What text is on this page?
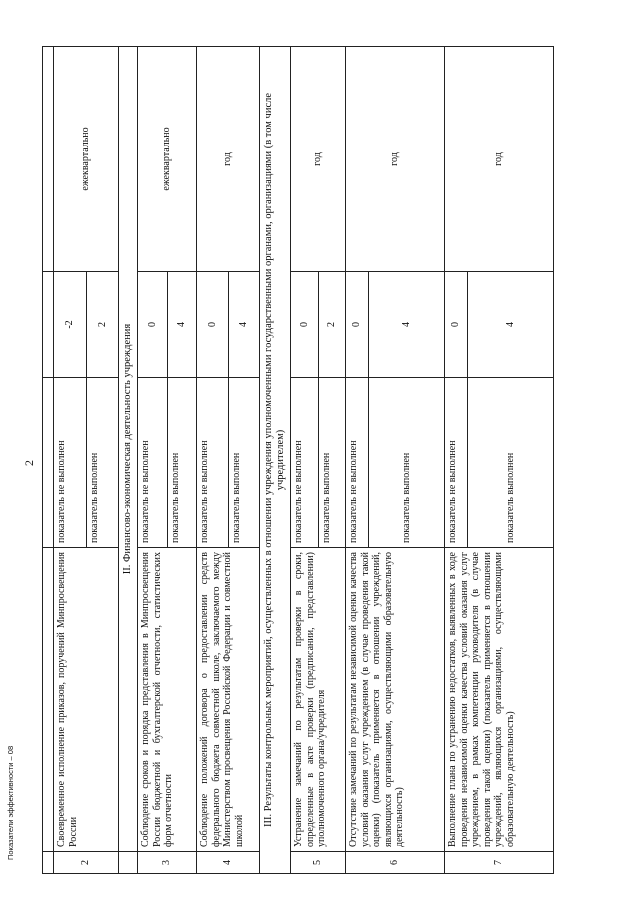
2
Показатели эффективности – 08

2	Своевременное исполнение приказов, поручений Минпросвещения России	показатель не выполнен	-2	ежеквартально
		показатель выполнен	2	
	II. Финансово-экономическая деятельность учреждения			
3	Соблюдение сроков и порядка представления в Минпросвещения России бюджетной и бухгалтерской отчетности, статистических форм отчетности	показатель не выполнен	0	ежеквартально
		показатель выполнен	4	
4	Соблюдение положений договора о предоставлении средств федерального бюджета совместной школе, заключаемого между Министерством просвещения Российской Федерации и совместной школой	показатель не выполнен	0	год
		показатель выполнен	4	
III. Результаты контрольных мероприятий, осуществленных в отношении учреждения уполномоченными государственными органами, организациями (в том числе учредителем)				
5	Устранение замечаний по результатам проверки в сроки, определенные в акте проверки (предписании, представлении) уполномоченного органа/учредителя	показатель не выполнен	0	год
		показатель выполнен	2	
6	Отсутствие замечаний по результатам независимой оценки качества условий оказания услуг учреждением (в случае проведения такой оценки) (показатель применяется в отношении учреждений, являющихся организациями, осуществляющими образовательную деятельность)	показатель не выполнен	0	год
		показатель выполнен	4	
7	Выполнение плана по устранению недостатков, выявленных в ходе проведения независимой оценки качества условий оказания услуг учреждением, в рамках компетенции руководителя (в случае проведения такой оценки) (показатель применяется в отношении учреждений, являющихся организациями, осуществляющими образовательную деятельность)	показатель не выполнен	0	год
		показатель выполнен	4	
